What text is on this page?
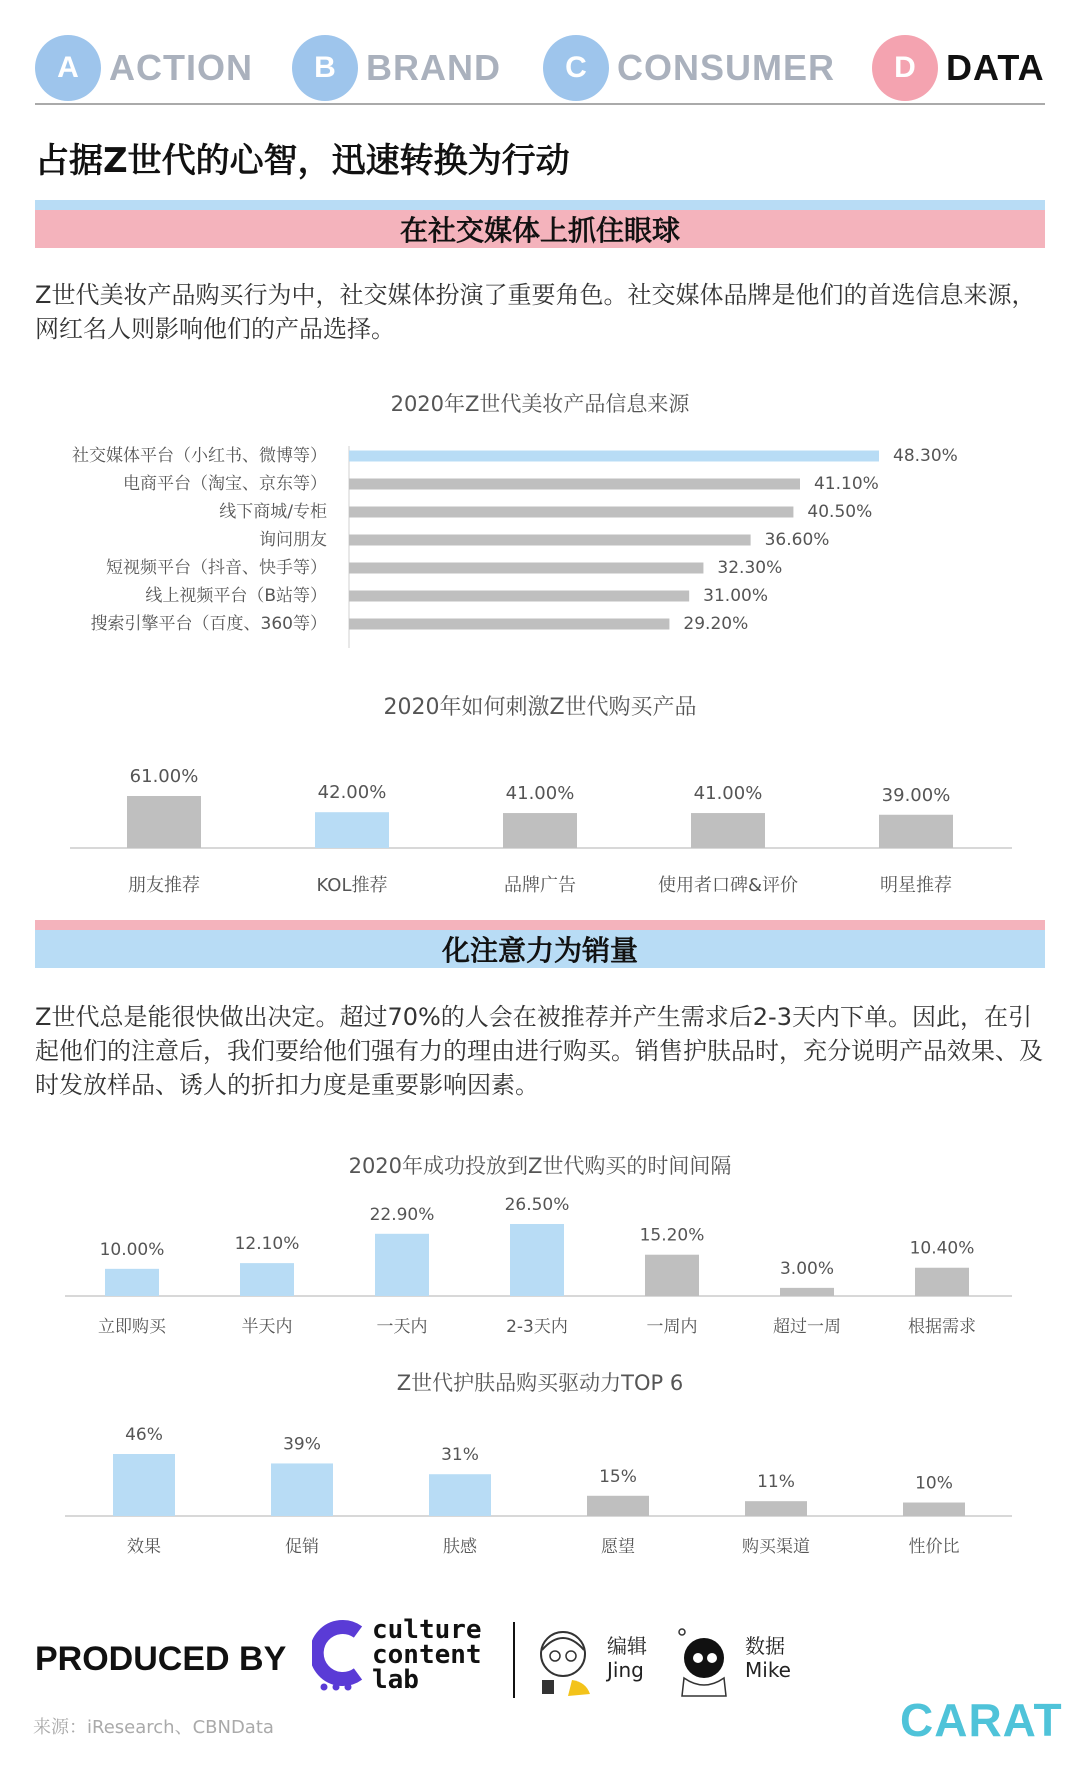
A ACTION	B BRAND	C CONSUMER	D DATA
占据Z世代的心智，迅速转换为行动
在社交媒体上抓住眼球
Z世代美妆产品购买行为中，社交媒体扮演了重要角色。社交媒体品牌是他们的首选信息来源，网红名人则影响他们的产品选择。
2020年Z世代美妆产品信息来源
社交媒体平台（小红书、微博等）	48.30%
电商平台（淘宝、京东等）	41.10%
线下商城/专柜	40.50%
询问朋友	36.60%
短视频平台（抖音、快手等）	32.30%
线上视频平台（B站等）	31.00%
搜索引擎平台（百度、360等）	29.20%
2020年如何刺激Z世代购买产品
61.00%
朋友推荐
42.00%
KOL推荐
41.00%
品牌广告
41.00%
使用者口碑&评价
39.00%
明星推荐
化注意力为销量
Z世代总是能很快做出决定。超过70%的人会在被推荐并产生需求后2-3天内下单。因此，在引起他们的注意后，我们要给他们强有力的理由进行购买。销售护肤品时，充分说明产品效果、及时发放样品、诱人的折扣力度是重要影响因素。
2020年成功投放到Z世代购买的时间间隔
10.00%
立即购买
12.10%
半天内
22.90%
一天内
26.50%
2-3天内
15.20%
一周内
3.00%
超过一周
10.40%
根据需求
Z世代护肤品购买驱动力TOP 6
46%
效果
39%
促销
31%
肤感
15%
愿望
11%
购买渠道
10%
性价比
PRODUCED BY
culture
content
lab
编辑
Jing
数据
Mike
来源：iResearch、CBNData	CARAT
